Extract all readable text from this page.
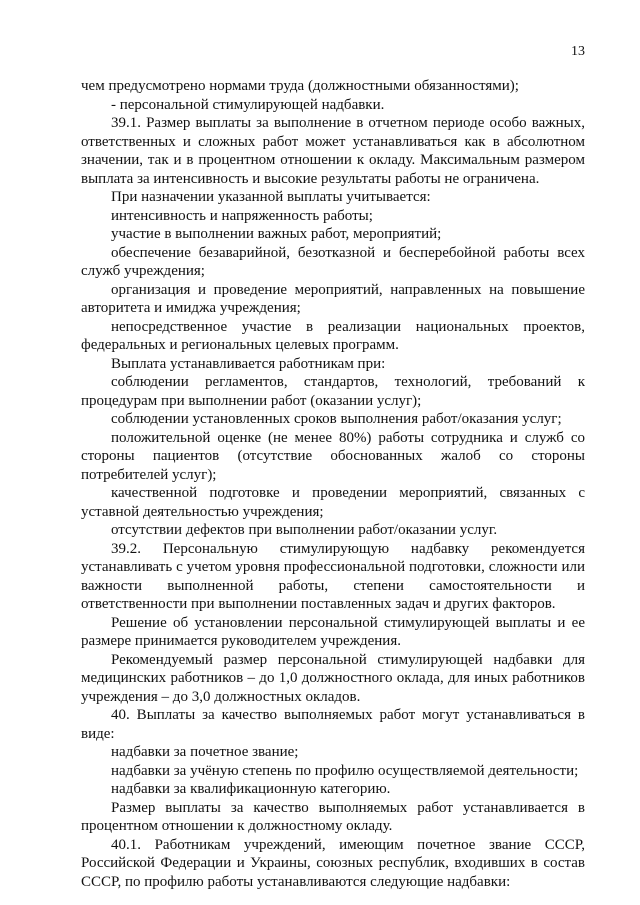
13

чем предусмотрено нормами труда (должностными обязанностями);

- персональной стимулирующей надбавки.

39.1. Размер выплаты за выполнение в отчетном периоде особо важных, ответственных и сложных работ может устанавливаться как в абсолютном значении, так и в процентном отношении к окладу. Максимальным размером выплата за интенсивность и высокие результаты работы не ограничена.

При назначении указанной выплаты учитывается:

интенсивность и напряженность работы;

участие в выполнении важных работ, мероприятий;

обеспечение безаварийной, безотказной и бесперебойной работы всех служб учреждения;

организация и проведение мероприятий, направленных на повышение авторитета и имиджа учреждения;

непосредственное участие в реализации национальных проектов, федеральных и региональных целевых программ.

Выплата устанавливается работникам при:

соблюдении регламентов, стандартов, технологий, требований к процедурам при выполнении работ (оказании услуг);

соблюдении установленных сроков выполнения работ/оказания услуг;

положительной оценке (не менее 80%) работы сотрудника и служб со стороны пациентов (отсутствие обоснованных жалоб со стороны потребителей услуг);

качественной подготовке и проведении мероприятий, связанных с уставной деятельностью учреждения;

отсутствии дефектов при выполнении работ/оказании услуг.

39.2. Персональную стимулирующую надбавку рекомендуется устанавливать с учетом уровня профессиональной подготовки, сложности или важности выполненной работы, степени самостоятельности и ответственности при выполнении поставленных задач и других факторов.

Решение об установлении персональной стимулирующей выплаты и ее размере принимается руководителем учреждения.

Рекомендуемый размер персональной стимулирующей надбавки для медицинских работников – до 1,0 должностного оклада, для иных работников учреждения – до 3,0 должностных окладов.

40. Выплаты за качество выполняемых работ могут устанавливаться в виде:

надбавки за почетное звание;

надбавки за учёную степень по профилю осуществляемой деятельности;

надбавки за квалификационную категорию.

Размер выплаты за качество выполняемых работ устанавливается в процентном отношении к должностному окладу.

40.1. Работникам учреждений, имеющим почетное звание СССР, Российской Федерации и Украины, союзных республик, входивших в состав СССР, по профилю работы устанавливаются следующие надбавки:
